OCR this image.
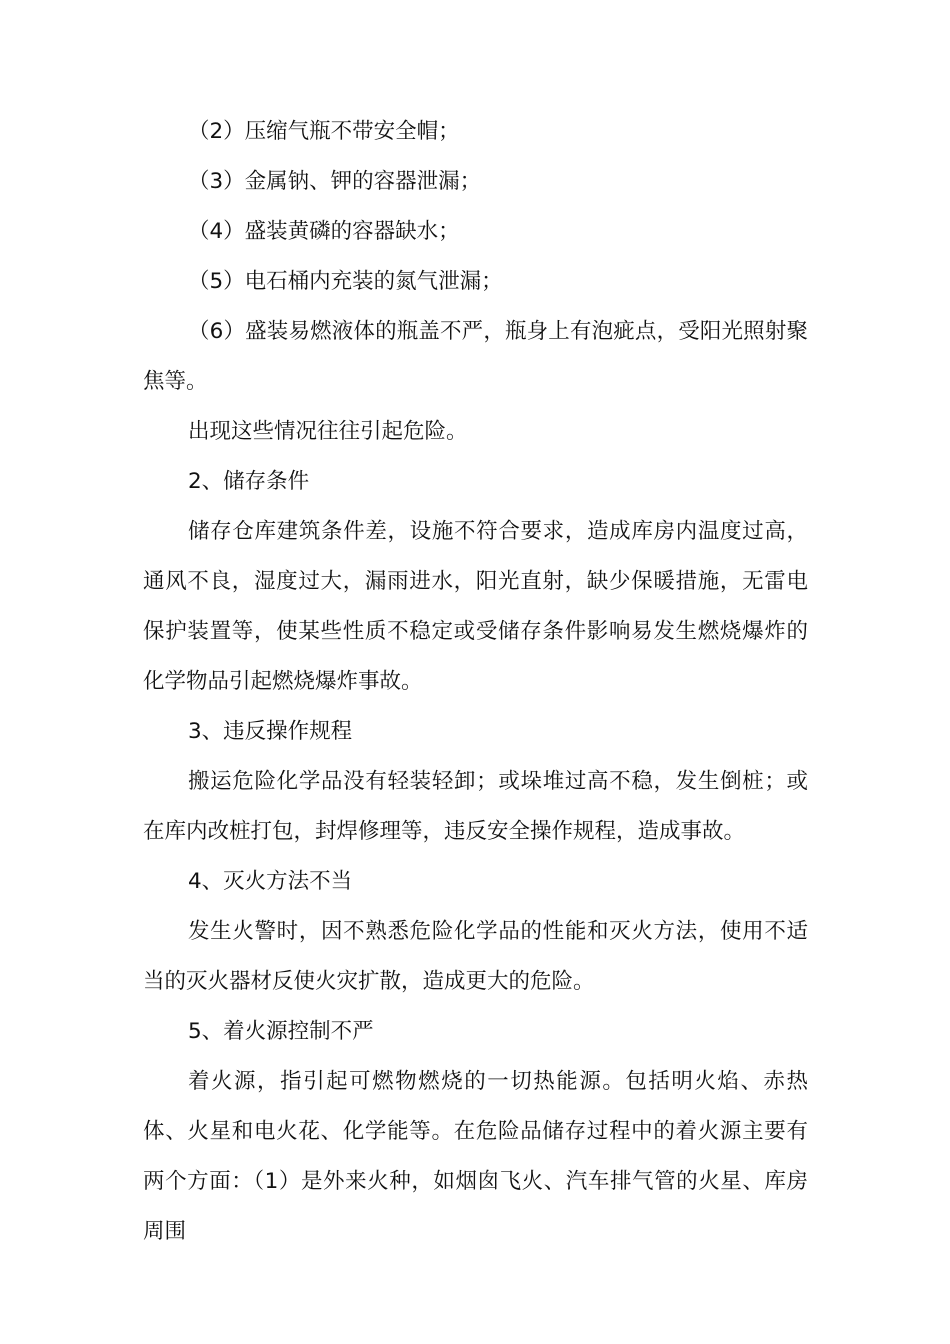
（2）压缩气瓶不带安全帽；

（3）金属钠、钾的容器泄漏；

（4）盛装黄磷的容器缺水；

（5）电石桶内充装的氮气泄漏；

（6）盛装易燃液体的瓶盖不严，瓶身上有泡疵点，受阳光照射聚焦等。

出现这些情况往往引起危险。

2、储存条件

储存仓库建筑条件差，设施不符合要求，造成库房内温度过高，通风不良，湿度过大，漏雨进水，阳光直射，缺少保暖措施，无雷电保护装置等，使某些性质不稳定或受储存条件影响易发生燃烧爆炸的化学物品引起燃烧爆炸事故。

3、违反操作规程

搬运危险化学品没有轻装轻卸；或垛堆过高不稳，发生倒桩；或在库内改桩打包，封焊修理等，违反安全操作规程，造成事故。

4、灭火方法不当

发生火警时，因不熟悉危险化学品的性能和灭火方法，使用不适当的灭火器材反使火灾扩散，造成更大的危险。

5、着火源控制不严

着火源，指引起可燃物燃烧的一切热能源。包括明火焰、赤热体、火星和电火花、化学能等。在危险品储存过程中的着火源主要有两个方面：（1）是外来火种，如烟囱飞火、汽车排气管的火星、库房周围
